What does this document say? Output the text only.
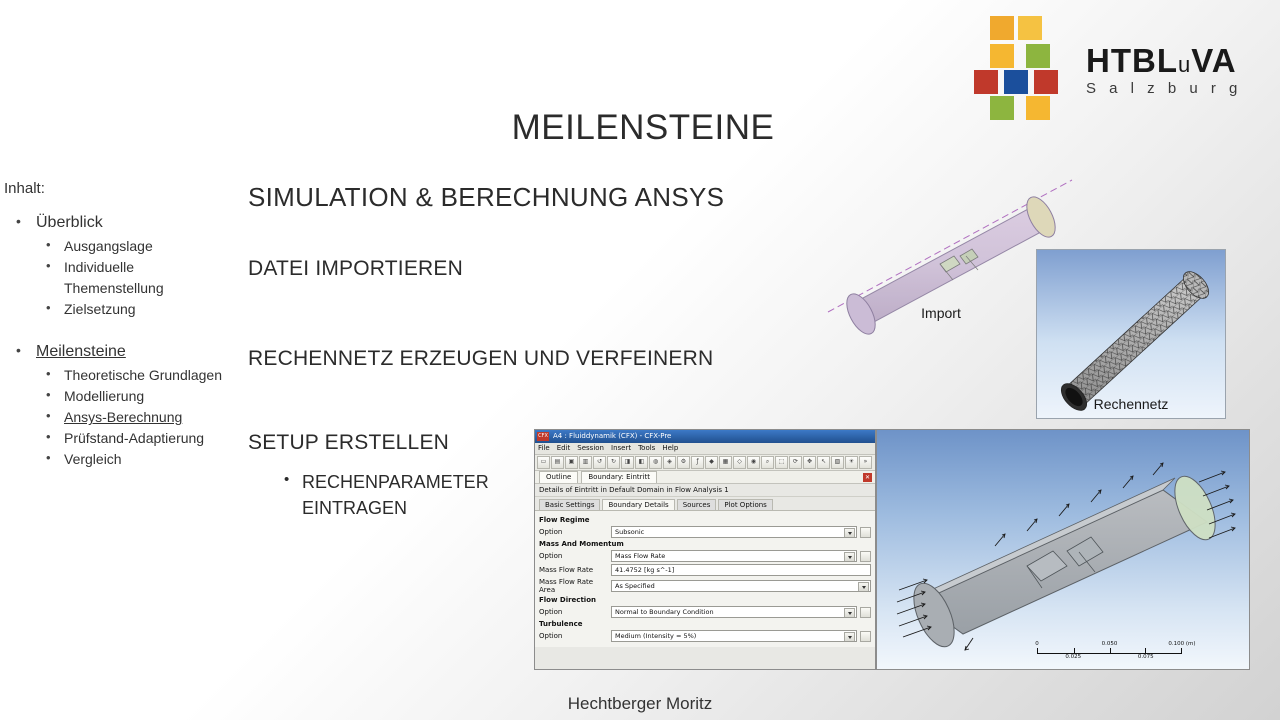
HTBLuVA
S a l z b u r g
MEILENSTEINE
Inhalt:
• Überblick
• Ausgangslage
• Individuelle Themenstellung
• Zielsetzung
• Meilensteine
• Theoretische Grundlagen
• Modellierung
• Ansys-Berechnung
• Prüfstand-Adaptierung
• Vergleich
SIMULATION & BERECHNUNG ANSYS
DATEI IMPORTIEREN
RECHENNETZ ERZEUGEN UND VERFEINERN
SETUP ERSTELLEN
• RECHENPARAMETER EINTRAGEN
Import
Rechennetz
CFX A4 : Fluiddynamik (CFX) - CFX-Pre
File Edit Session Insert Tools Help
▭	▤	▣	▥	↺	↻	◨	◧	◍	◈	⚙	ƒ	◆	▦	◇	◉	⌕	⬚	⟳	✥	↖	▧	☀	»
Outline	Boundary: Eintritt	✕
Details of Eintritt in Default Domain in Flow Analysis 1
Basic Settings	Boundary Details	Sources	Plot Options
Flow Regime
Option	Subsonic
Mass And Momentum
Option	Mass Flow Rate
Mass Flow Rate	41.4752 [kg s^-1]
Mass Flow Rate Area	As Specified
Flow Direction
Option	Normal to Boundary Condition
Turbulence
Option	Medium (Intensity = 5%)
0	0.050	0.100 (m)
0.025	0.075
Hechtberger Moritz
